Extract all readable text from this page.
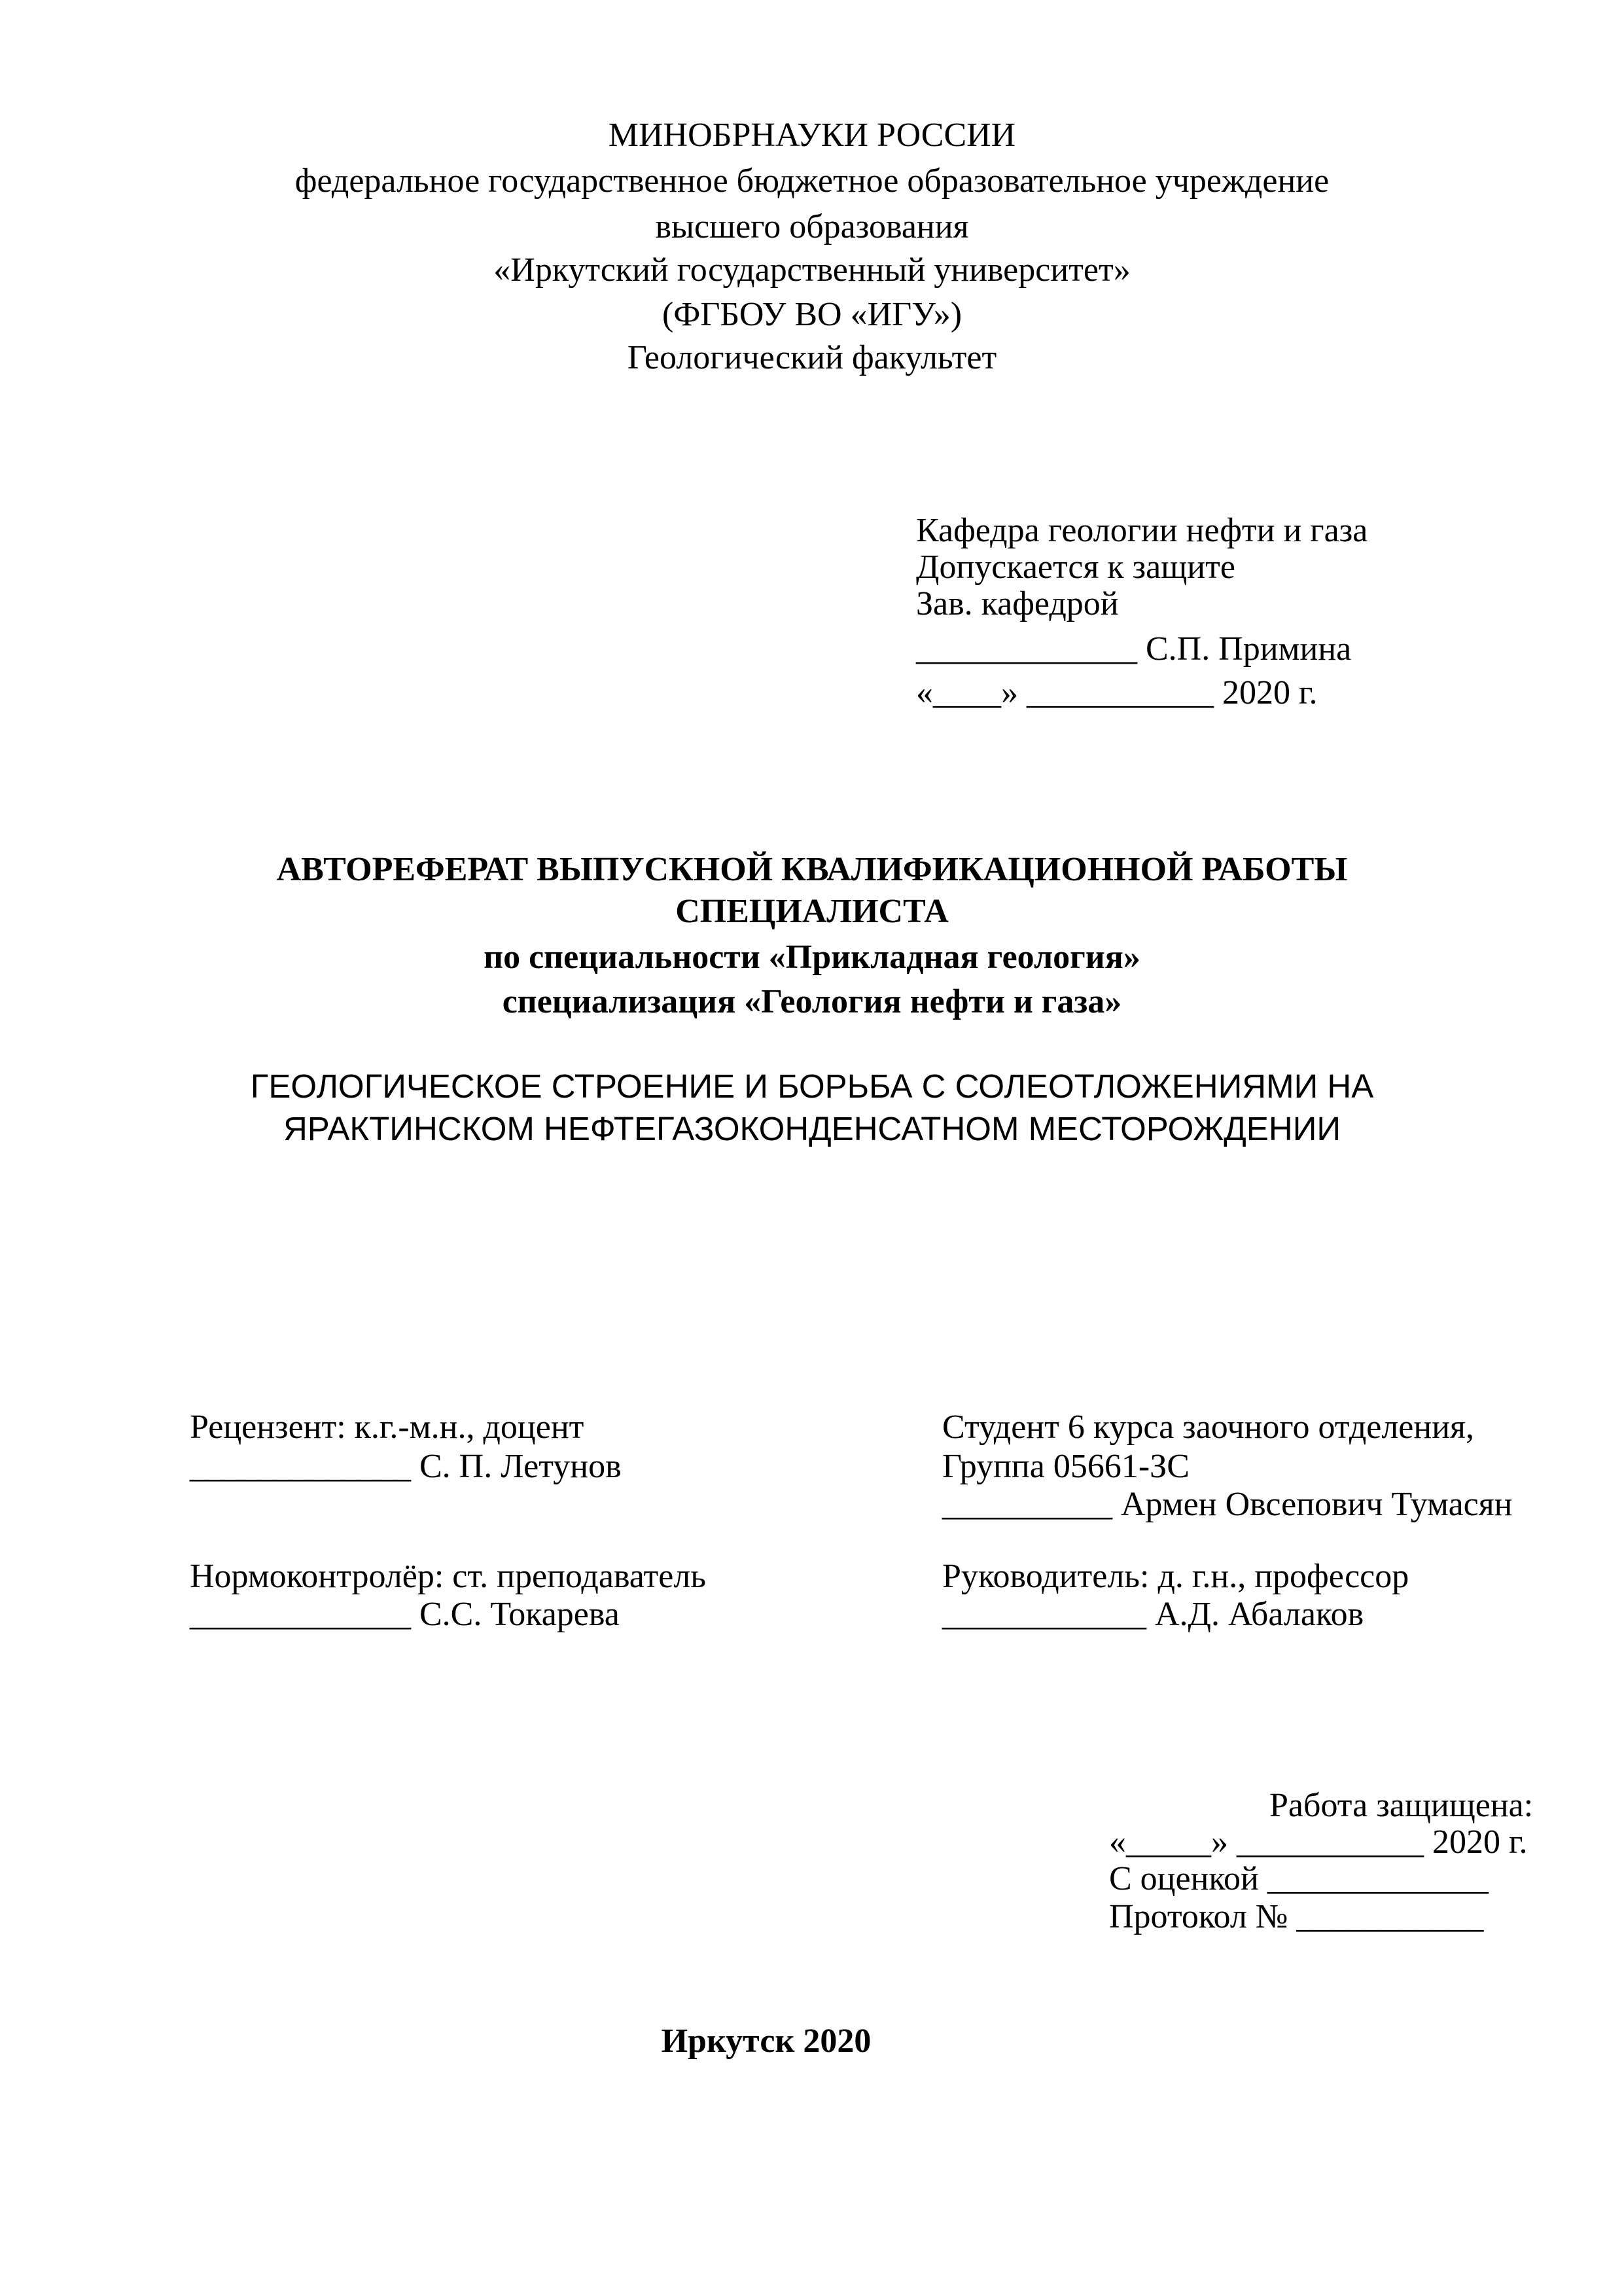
МИНОБРНАУКИ РОССИИ
федеральное государственное бюджетное образовательное учреждение
высшего образования
«Иркутский государственный университет»
(ФГБОУ ВО «ИГУ»)
Геологический факультет
Кафедра геологии нефти и газа
Допускается к защите
Зав. кафедрой
_____________ С.П. Примина
«____» ___________ 2020 г.
АВТОРЕФЕРАТ ВЫПУСКНОЙ КВАЛИФИКАЦИОННОЙ РАБОТЫ
СПЕЦИАЛИСТА
по специальности «Прикладная геология»
специализация «Геология нефти и газа»
ГЕОЛОГИЧЕСКОЕ СТРОЕНИЕ И БОРЬБА С СОЛЕОТЛОЖЕНИЯМИ НА
ЯРАКТИНСКОМ НЕФТЕГАЗОКОНДЕНСАТНОМ МЕСТОРОЖДЕНИИ
Рецензент: к.г.-м.н., доцент
_____________ С. П. Летунов
Нормоконтролёр: ст. преподаватель
_____________ С.С. Токарева
Студент 6 курса заочного отделения,
Группа 05661-ЗС
__________ Армен Овсепович Тумасян
Руководитель: д. г.н., профессор
____________ А.Д. Абалаков
Работа защищена:
«_____» ___________ 2020 г.
С оценкой _____________
Протокол № ___________
Иркутск 2020
